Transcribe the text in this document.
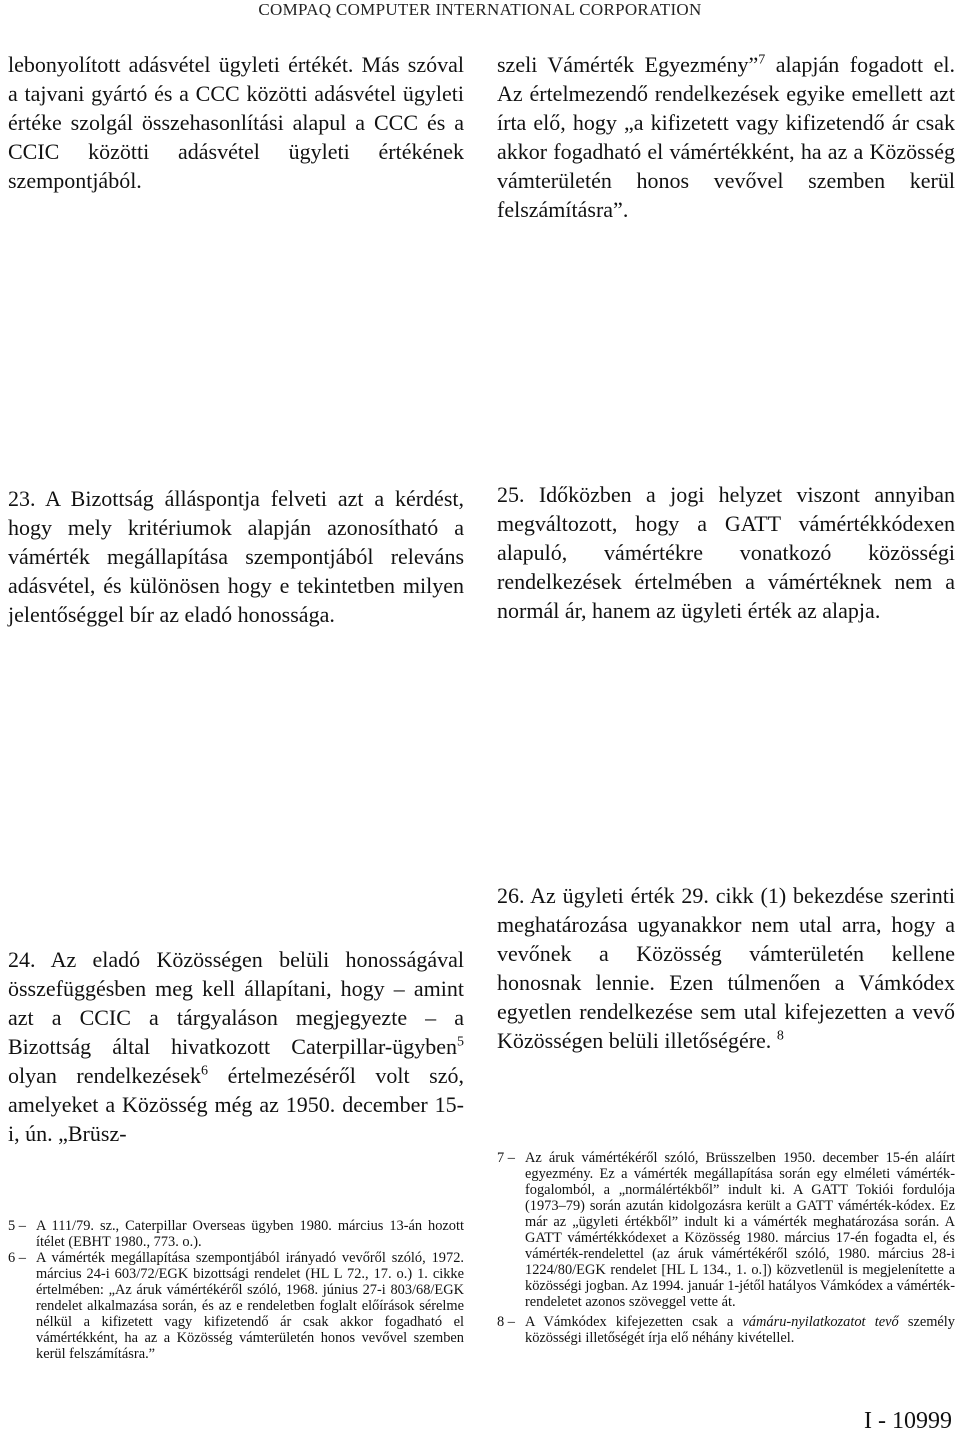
COMPAQ COMPUTER INTERNATIONAL CORPORATION
lebonyolított adásvétel ügyleti értékét. Más szóval a tajvani gyártó és a CCC közötti adásvétel ügyleti értéke szolgál összehasonlítási alapul a CCC és a CCIC közötti adásvétel ügyleti értékének szempontjából.
szeli Vámérték Egyezmény”$^7$ alapján fogadott el. Az értelmezendő rendelkezések egyike emellett azt írta elő, hogy „a kifizetett vagy kifizetendő ár csak akkor fogadható el vámértékként, ha az a Közösség vámterületén honos vevővel szemben kerül felszámításra”.
23. A Bizottság álláspontja felveti azt a kérdést, hogy mely kritériumok alapján azonosítható a vámérték megállapítása szempontjából releváns adásvétel, és különösen hogy e tekintetben milyen jelentőséggel bír az eladó honossága.
25. Időközben a jogi helyzet viszont annyiban megváltozott, hogy a GATT vámértékkódexen alapuló, vámértékre vonatkozó közösségi rendelkezések értelmében a vámértéknek nem a normál ár, hanem az ügyleti érték az alapja.
24. Az eladó Közösségen belüli honosságával összefüggésben meg kell állapítani, hogy – amint azt a CCIC a tárgyaláson megjegyezte – a Bizottság által hivatkozott Caterpillar-ügyben$^5$ olyan rendelkezések$^6$ értelmezéséről volt szó, amelyeket a Közösség még az 1950. december 15-i, ún. „Brüsz-
26. Az ügyleti érték 29. cikk (1) bekezdése szerinti meghatározása ugyanakkor nem utal arra, hogy a vevőnek a Közösség vámterületén kellene honosnak lennie. Ezen túlmenően a Vámkódex egyetlen rendelkezése sem utal kifejezetten a vevő Közösségen belüli illetőségére. $^8$

5 – A 111/79. sz., Caterpillar Overseas ügyben 1980. március 13-án hozott ítélet (EBHT 1980., 773. o.).

6 – A vámérték megállapítása szempontjából irányadó vevőről szóló, 1972. március 24-i 603/72/EGK bizottsági rendelet (HL L 72., 17. o.) 1. cikke értelmében: „Az áruk vámértékéről szóló, 1968. június 27-i 803/68/EGK rendelet alkalmazása során, és az e rendeletben foglalt előírások sérelme nélkül a kifizetett vagy kifizetendő ár csak akkor fogadható el vámértékként, ha az a Közösség vámterületén honos vevővel szemben kerül felszámításra.”

7 – Az áruk vámértékéről szóló, Brüsszelben 1950. december 15-én aláírt egyezmény. Ez a vámérték megállapítása során egy elméleti vámérték-fogalomból, a „normálértékből” indult ki. A GATT Tokiói fordulója (1973–79) során azután kidolgozásra került a GATT vámérték-kódex. Ez már az „ügyleti értékből” indult ki a vámérték meghatározása során. A GATT vámértékkódexet a Közösség 1980. március 17-én fogadta el, és vámérték-rendelettel (az áruk vámértékéről szóló, 1980. március 28-i 1224/80/EGK rendelet [HL L 134., 1. o.]) közvetlenül is megjelenítette a közösségi jogban. Az 1994. január 1-jétől hatályos Vámkódex a vámérték-rendeletet azonos szöveggel vette át.

8 – A Vámkódex kifejezetten csak a vámáru-nyilatkozatot tevő személy közösségi illetőségét írja elő néhány kivétellel.

I - 10999
